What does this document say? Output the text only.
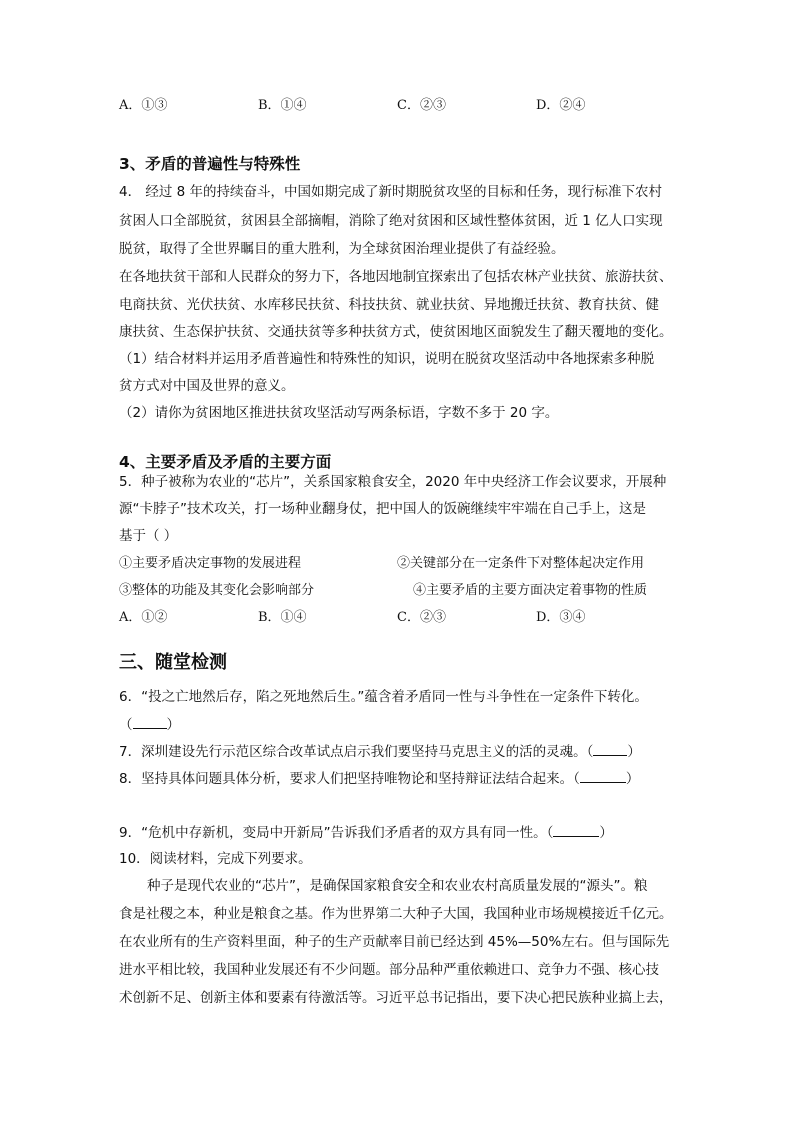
A．①③	B．①④	C．②③	D．②④
3、矛盾的普遍性与特殊性
4． 经过 8 年的持续奋斗，中国如期完成了新时期脱贫攻坚的目标和任务，现行标准下农村
贫困人口全部脱贫，贫困县全部摘帽，消除了绝对贫困和区域性整体贫困，近 1 亿人口实现
脱贫，取得了全世界瞩目的重大胜利，为全球贫困治理业提供了有益经验。
在各地扶贫干部和人民群众的努力下，各地因地制宜探索出了包括农林产业扶贫、旅游扶贫、
电商扶贫、光伏扶贫、水库移民扶贫、科技扶贫、就业扶贫、异地搬迁扶贫、教育扶贫、健
康扶贫、生态保护扶贫、交通扶贫等多种扶贫方式，使贫困地区面貌发生了翻天覆地的变化。
（1）结合材料并运用矛盾普遍性和特殊性的知识，说明在脱贫攻坚活动中各地探索多种脱
贫方式对中国及世界的意义。
（2）请你为贫困地区推进扶贫攻坚活动写两条标语，字数不多于 20 字。
4、主要矛盾及矛盾的主要方面
5．种子被称为农业的“芯片”，关系国家粮食安全，2020 年中央经济工作会议要求，开展种
源“卡脖子”技术攻关，打一场种业翻身仗，把中国人的饭碗继续牢牢端在自己手上，这是
基于（ ）
①主要矛盾决定事物的发展进程	②关键部分在一定条件下对整体起决定作用
③整体的功能及其变化会影响部分	④主要矛盾的主要方面决定着事物的性质
A．①②	B．①④	C．②③	D．③④
三、随堂检测
6．“投之亡地然后存，陷之死地然后生。”蕴含着矛盾同一性与斗争性在一定条件下转化。
（	）
7．深圳建设先行示范区综合改革试点启示我们要坚持马克思主义的活的灵魂。（	）
8．坚持具体问题具体分析，要求人们把坚持唯物论和坚持辩证法结合起来。（	）
9．“危机中存新机，变局中开新局”告诉我们矛盾者的双方具有同一性。（	）
10．阅读材料，完成下列要求。
种子是现代农业的“芯片”，是确保国家粮食安全和农业农村高质量发展的“源头”。粮
食是社稷之本，种业是粮食之基。作为世界第二大种子大国，我国种业市场规模接近千亿元。
在农业所有的生产资料里面，种子的生产贡献率目前已经达到 45%—50%左右。但与国际先
进水平相比较，我国种业发展还有不少问题。部分品种严重依赖进口、竞争力不强、核心技
术创新不足、创新主体和要素有待激活等。习近平总书记指出，要下决心把民族种业搞上去，
